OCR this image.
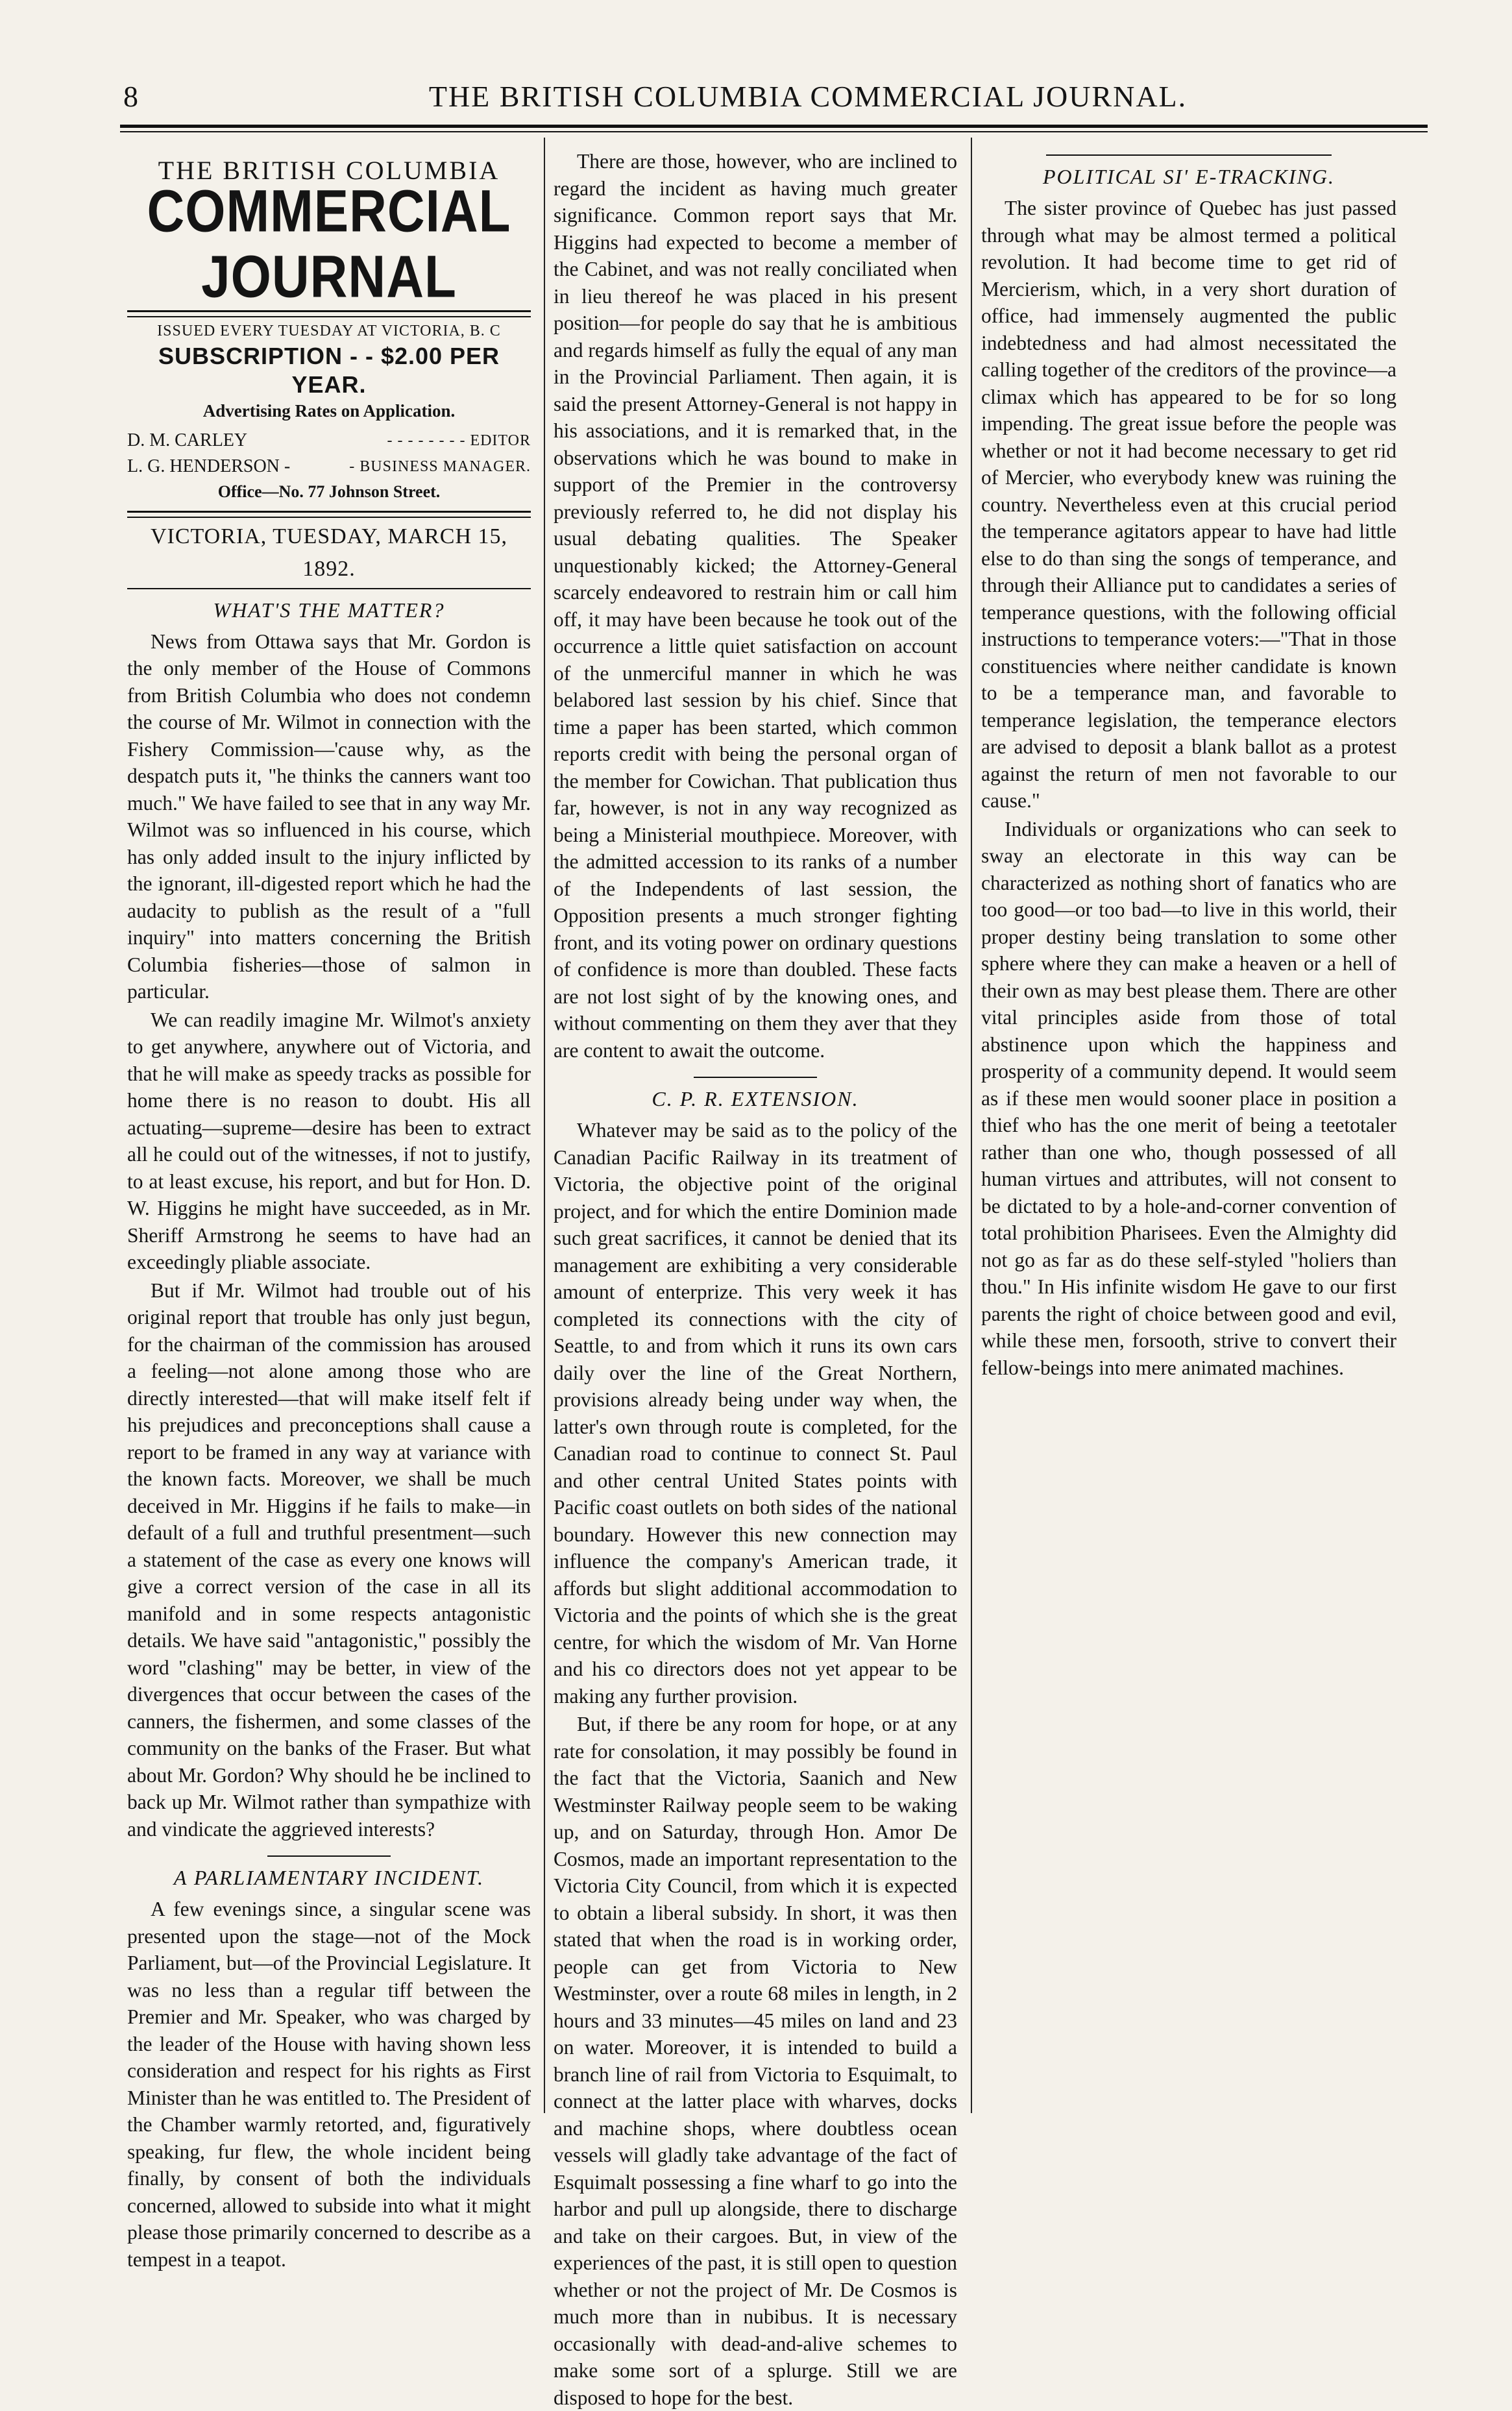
8	THE BRITISH COLUMBIA COMMERCIAL JOURNAL.
THE BRITISH COLUMBIA
COMMERCIAL JOURNAL
ISSUED EVERY TUESDAY AT VICTORIA, B. C
SUBSCRIPTION - - $2.00 PER YEAR.
Advertising Rates on Application.
D. M. CARLEY	- - - - - - - - EDITOR
L. G. HENDERSON -	- BUSINESS MANAGER.
Office—No. 77 Johnson Street.
VICTORIA, TUESDAY, MARCH 15, 1892.
WHAT'S THE MATTER?

News from Ottawa says that Mr. Gordon is the only member of the House of Commons from British Columbia who does not condemn the course of Mr. Wilmot in connection with the Fishery Commission—'cause why, as the despatch puts it, "he thinks the canners want too much." We have failed to see that in any way Mr. Wilmot was so influenced in his course, which has only added insult to the injury inflicted by the ignorant, ill-digested report which he had the audacity to publish as the result of a "full inquiry" into matters concerning the British Columbia fisheries—those of salmon in particular.

We can readily imagine Mr. Wilmot's anxiety to get anywhere, anywhere out of Victoria, and that he will make as speedy tracks as possible for home there is no reason to doubt. His all actuating—supreme—desire has been to extract all he could out of the witnesses, if not to justify, to at least excuse, his report, and but for Hon. D. W. Higgins he might have succeeded, as in Mr. Sheriff Armstrong he seems to have had an exceedingly pliable associate.

But if Mr. Wilmot had trouble out of his original report that trouble has only just begun, for the chairman of the commission has aroused a feeling—not alone among those who are directly interested—that will make itself felt if his prejudices and preconceptions shall cause a report to be framed in any way at variance with the known facts. Moreover, we shall be much deceived in Mr. Higgins if he fails to make—in default of a full and truthful presentment—such a statement of the case as every one knows will give a correct version of the case in all its manifold and in some respects antagonistic details. We have said "antagonistic," possibly the word "clashing" may be better, in view of the divergences that occur between the cases of the canners, the fishermen, and some classes of the community on the banks of the Fraser. But what about Mr. Gordon? Why should he be inclined to back up Mr. Wilmot rather than sympathize with and vindicate the aggrieved interests?

A PARLIAMENTARY INCIDENT.

A few evenings since, a singular scene was presented upon the stage—not of the Mock Parliament, but—of the Provincial Legislature. It was no less than a regular tiff between the Premier and Mr. Speaker, who was charged by the leader of the House with having shown less consideration and respect for his rights as First Minister than he was entitled to. The President of the Chamber warmly retorted, and, figuratively speaking, fur flew, the whole incident being finally, by consent of both the individuals concerned, allowed to subside into what it might please those primarily concerned to describe as a tempest in a teapot.

There are those, however, who are inclined to regard the incident as having much greater significance. Common report says that Mr. Higgins had expected to become a member of the Cabinet, and was not really conciliated when in lieu thereof he was placed in his present position—for people do say that he is ambitious and regards himself as fully the equal of any man in the Provincial Parliament. Then again, it is said the present Attorney-General is not happy in his associations, and it is remarked that, in the observations which he was bound to make in support of the Premier in the controversy previously referred to, he did not display his usual debating qualities. The Speaker unquestionably kicked; the Attorney-General scarcely endeavored to restrain him or call him off, it may have been because he took out of the occurrence a little quiet satisfaction on account of the unmerciful manner in which he was belabored last session by his chief. Since that time a paper has been started, which common reports credit with being the personal organ of the member for Cowichan. That publication thus far, however, is not in any way recognized as being a Ministerial mouthpiece. Moreover, with the admitted accession to its ranks of a number of the Independents of last session, the Opposition presents a much stronger fighting front, and its voting power on ordinary questions of confidence is more than doubled. These facts are not lost sight of by the knowing ones, and without commenting on them they aver that they are content to await the outcome.

C. P. R. EXTENSION.

Whatever may be said as to the policy of the Canadian Pacific Railway in its treatment of Victoria, the objective point of the original project, and for which the entire Dominion made such great sacrifices, it cannot be denied that its management are exhibiting a very considerable amount of enterprize. This very week it has completed its connections with the city of Seattle, to and from which it runs its own cars daily over the line of the Great Northern, provisions already being under way when, the latter's own through route is completed, for the Canadian road to continue to connect St. Paul and other central United States points with Pacific coast outlets on both sides of the national boundary. However this new connection may influence the company's American trade, it affords but slight additional accommodation to Victoria and the points of which she is the great centre, for which the wisdom of Mr. Van Horne and his co directors does not yet appear to be making any further provision.

But, if there be any room for hope, or at any rate for consolation, it may possibly be found in the fact that the Victoria, Saanich and New Westminster Railway people seem to be waking up, and on Saturday, through Hon. Amor De Cosmos, made an important representation to the Victoria City Council, from which it is expected to obtain a liberal subsidy. In short, it was then stated that when the road is in working order, people can get from Victoria to New Westminster, over a route 68 miles in length, in 2 hours and 33 minutes—45 miles on land and 23 on water. Moreover, it is intended to build a branch line of rail from Victoria to Esquimalt, to connect at the latter place with wharves, docks and machine shops, where doubtless ocean vessels will gladly take advantage of the fact of Esquimalt possessing a fine wharf to go into the harbor and pull up alongside, there to discharge and take on their cargoes. But, in view of the experiences of the past, it is still open to question whether or not the project of Mr. De Cosmos is much more than in nubibus. It is necessary occasionally with dead-and-alive schemes to make some sort of a splurge. Still we are disposed to hope for the best.

POLITICAL SI' E-TRACKING.

The sister province of Quebec has just passed through what may be almost termed a political revolution. It had become time to get rid of Mercierism, which, in a very short duration of office, had immensely augmented the public indebtedness and had almost necessitated the calling together of the creditors of the province—a climax which has appeared to be for so long impending. The great issue before the people was whether or not it had become necessary to get rid of Mercier, who everybody knew was ruining the country. Nevertheless even at this crucial period the temperance agitators appear to have had little else to do than sing the songs of temperance, and through their Alliance put to candidates a series of temperance questions, with the following official instructions to temperance voters:—"That in those constituencies where neither candidate is known to be a temperance man, and favorable to temperance legislation, the temperance electors are advised to deposit a blank ballot as a protest against the return of men not favorable to our cause."

Individuals or organizations who can seek to sway an electorate in this way can be characterized as nothing short of fanatics who are too good—or too bad—to live in this world, their proper destiny being translation to some other sphere where they can make a heaven or a hell of their own as may best please them. There are other vital principles aside from those of total abstinence upon which the happiness and prosperity of a community depend. It would seem as if these men would sooner place in position a thief who has the one merit of being a teetotaler rather than one who, though possessed of all human virtues and attributes, will not consent to be dictated to by a hole-and-corner convention of total prohibition Pharisees. Even the Almighty did not go as far as do these self-styled "holiers than thou." In His infinite wisdom He gave to our first parents the right of choice between good and evil, while these men, forsooth, strive to convert their fellow-beings into mere animated machines.
